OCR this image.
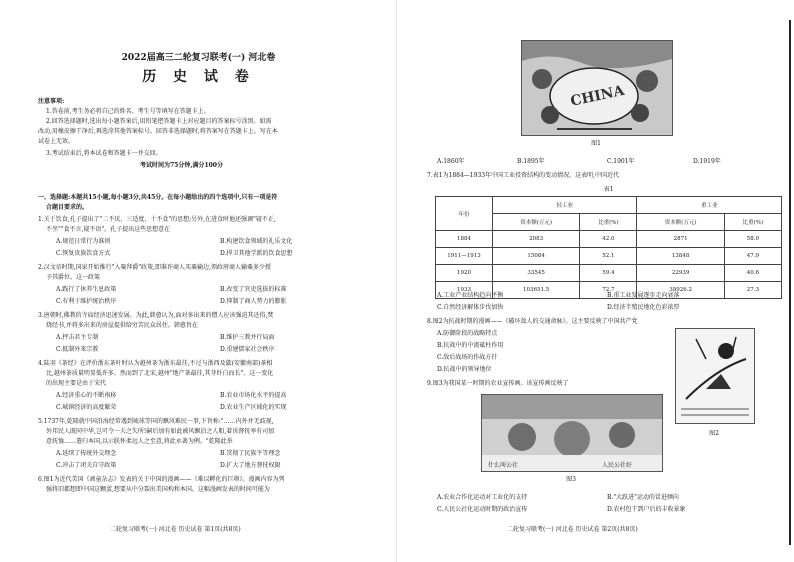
2022届高三二轮复习联考(一) 河北卷
历 史 试 卷
注意事项:
1.答卷前,考生务必将自己的姓名、考生号等填写在答题卡上。
2.回答选择题时,选出每小题答案后,用铅笔把答题卡上对应题目的答案标号涂黑。如需
改动,用橡皮擦干净后,再选涂其他答案标号。回答非选择题时,将答案写在答题卡上。写在本
试卷上无效。
3.考试结束后,将本试卷和答题卡一并交回。
考试时间为75分钟,满分100分
一、选择题:本题共15小题,每小题3分,共45分。在每小题给出的四个选项中,只有一项是符
合题目要求的。
1.关于饮食,孔子提出了"二不厌、三适度、十不食"的思想;另外,在进食时他还强调"寝不正,
不坐""食不言,寝不语"。孔子提出这些思想意在
A.规范日常行为准则	B.构建饮食领域的礼乐文化
C.恢复贵族饮食方式	D.捍卫其他学派的饮食思想
2.汉文帝时期,国家开始推行"入粟拜爵"政策,即准许商人买粟输边,领政府商人输粟多少授
予其爵位。这一政策
A.践行了休养生息政策	B.改变了官吏选拔的标准
C.有利于维护统治秩序	D.抑制了商人势力的膨胀
3.唐朝时,佛教的寺庙经济迅速发展。为此,韩愈认为,面对多出来的僧人应该强迫其还俗,焚
烧经书,并将多出来的房屋提供给穷苦民众居住。韩愈旨在
A.抨击君主专制	B.维护三教并行局面
C.抵制外来宗教	D.重建儒家社会秩序
4.陆羽《茶经》在评价浙东茶叶时认为越州茶为浙东最佳,不过与浙西及歙(安徽南部)茶相
比,越州茶质量明显低许多。然而到了北宋,越州"地产茶最佳,其芽纤白而长"。这一变化
的出现主要是由于宋代
A.经济重心的不断南移	B.农业市场化水平的提高
C.城镇经济的高度繁荣	D.农业生产区域化的实现
5.1737年,乾隆就中国沿海经常遇到琉球等国的飘风难民一事,下旨称:"……内外并无歧视,
外邦民人既同中华,岂可令一夫之失所!嗣后加有如此被风飘泊之人船,着该督抚率有司加
意抚恤……遣归本国,以示朕怀柔远人之至意,将此永著为例。"乾隆此举
A.延续了传统外交理念	B.贯彻了民族平等理念
C.冲击了闭关自守政策	D.扩大了地方督抚权限
6.图1为近代美国《顽童杂志》发表的关于中国的漫画——《难以孵化的巨卵》。漫画内容为列
强将旧都想即中国这颗蛋,想要从中分裂出美国构和本国。这幅漫画发表的时间可能为
二轮复习联考(一) 河北卷 历史试卷 第1页(共8页)
CHINA
图1
A.1860年	B.1895年	C.1901年	D.1919年
7.表1为1884—1933年中国工业投资结构的变动情况。这表明,中国近代
表1
年份	轻工业		重工业	
	资本额(万元)	比重(%)	资本额(万元)	比重(%)
1884	2083	42.0	2871	58.0
1911—1913	15084	52.1	13848	47.9
1920	33545	59.4	22939	40.6
1933	103651.5	72.7	38926.2	27.3
A.工业产业结构趋向平衡	B.重工业发展逐步走向衰落
C.自然经济解体步伐加快	D.经济半殖民地化色彩浓厚
8.图2为抗战时期的漫画——《破坏敌人的交通命脉》。这主要反映了中国共产党
A.防御阶段的战略特点
B.抗战中的中流砥柱作用
C.敌后战场的作战方针
D.抗战中的领导地位
图2
9.图3为我国某一时期的农业宣传画。该宣传画反映了
什么叫公社	人民公社好
图3
A.农业合作化运动对工业化的支持	B."大跃进"运动的冒进倾向
C.人民公社化运动时期的政治宣传	D.农村包干到户后的丰收景象
二轮复习联考(一) 河北卷 历史试卷 第2页(共8页)
